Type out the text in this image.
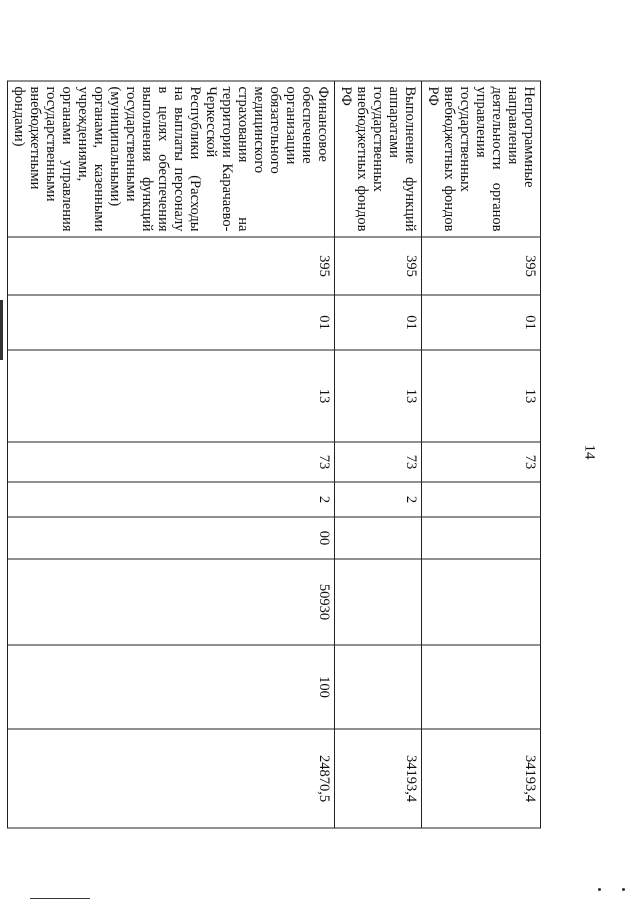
14
Непрограммные направления деятельности органов управления государственных внебюджетных фондов РФ	395	01	13	73					34193,4
Выполнение функций аппаратами государственных внебюджетных фондов РФ	395	01	13	73	2				34193,4
Финансовое обеспечение организации обязательного медицинского страхования на территории Карачаево-Черкесской Республики (Расходы на выплаты персоналу в целях обеспечения выполнения функций государственными (муниципальными) органами, казенными учреждениями, органами управления государственными внебюджетными фондами)	395	01	13	73	2	00	50930	100	24870,5
